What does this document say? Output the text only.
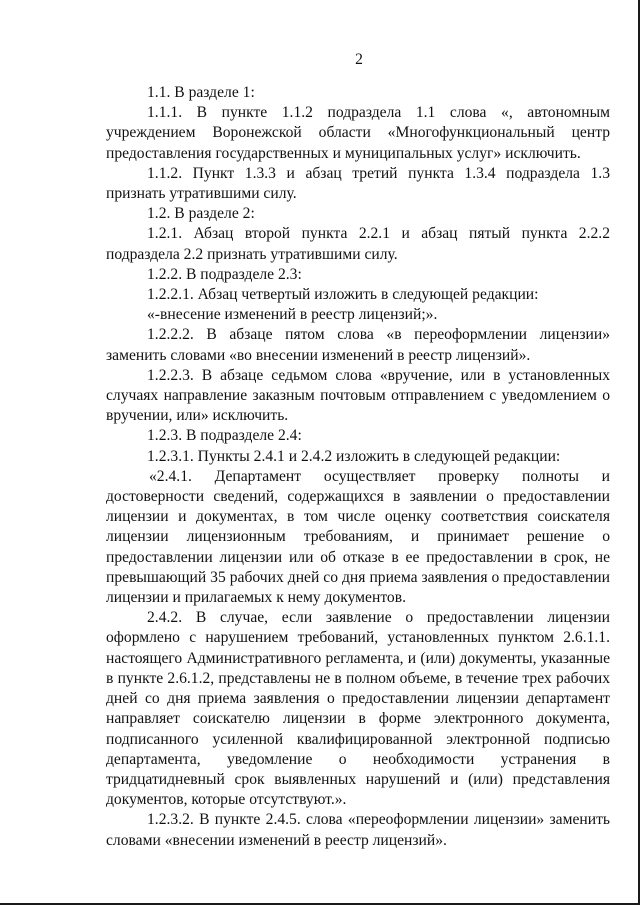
2

1.1. В разделе 1:

1.1.1. В пункте 1.1.2 подраздела 1.1 слова «, автономным учреждением Воронежской области «Многофункциональный центр предоставления государственных и муниципальных услуг» исключить.

1.1.2. Пункт 1.3.3 и абзац третий пункта 1.3.4 подраздела 1.3 признать утратившими силу.

1.2. В разделе 2:

1.2.1. Абзац второй пункта 2.2.1 и абзац пятый пункта 2.2.2 подраздела 2.2 признать утратившими силу.

1.2.2. В подразделе 2.3:

1.2.2.1. Абзац четвертый изложить в следующей редакции:

«-внесение изменений в реестр лицензий;».

1.2.2.2. В абзаце пятом слова «в переоформлении лицензии» заменить словами «во внесении изменений в реестр лицензий».

1.2.2.3. В абзаце седьмом слова «вручение, или в установленных случаях направление заказным почтовым отправлением с уведомлением о вручении, или» исключить.

1.2.3. В подразделе 2.4:

1.2.3.1. Пункты 2.4.1 и 2.4.2 изложить в следующей редакции:

«2.4.1. Департамент осуществляет проверку полноты и достоверности сведений, содержащихся в заявлении о предоставлении лицензии и документах, в том числе оценку соответствия соискателя лицензии лицензионным требованиям, и принимает решение о предоставлении лицензии или об отказе в ее предоставлении в срок, не превышающий 35 рабочих дней со дня приема заявления о предоставлении лицензии и прилагаемых к нему документов.

2.4.2. В случае, если заявление о предоставлении лицензии оформлено с нарушением требований, установленных пунктом 2.6.1.1. настоящего Административного регламента, и (или) документы, указанные в пункте 2.6.1.2, представлены не в полном объеме, в течение трех рабочих дней со дня приема заявления о предоставлении лицензии департамент направляет соискателю лицензии в форме электронного документа, подписанного усиленной квалифицированной электронной подписью департамента, уведомление о необходимости устранения в тридцатидневный срок выявленных нарушений и (или) представления документов, которые отсутствуют.».

1.2.3.2. В пункте 2.4.5. слова «переоформлении лицензии» заменить словами «внесении изменений в реестр лицензий».
